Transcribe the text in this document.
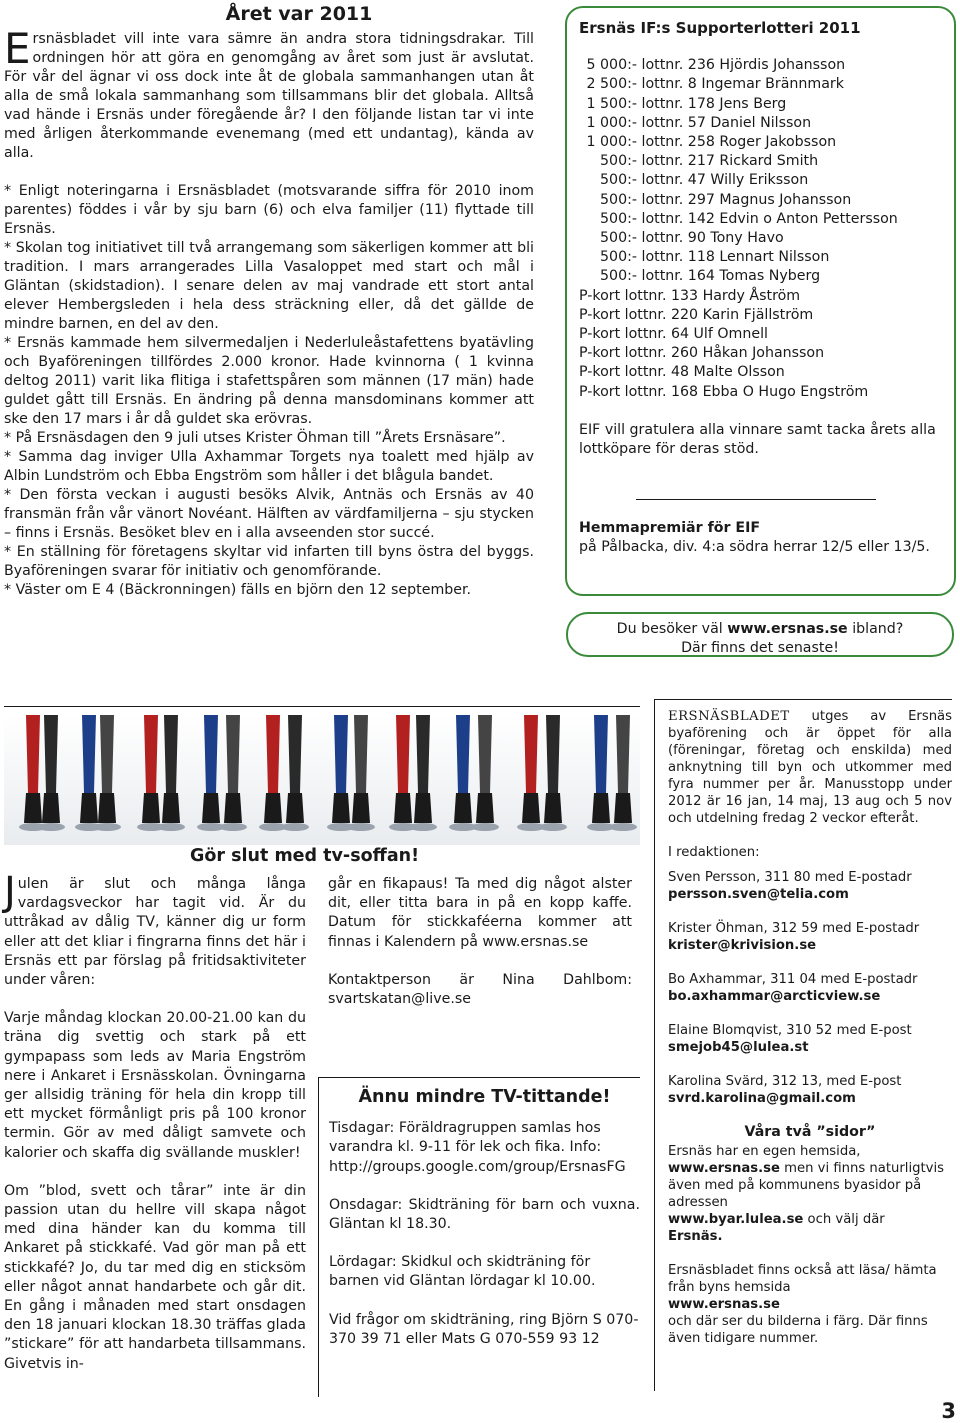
Året var 2011

Ersnäsbladet vill inte vara sämre än andra stora tidningsdrakar. Till ordningen hör att göra en genomgång av året som just är avslutat. För vår del ägnar vi oss dock inte åt de globala sammanhangen utan åt alla de små lokala sammanhang som tillsammans blir det globala. Alltså vad hände i Ersnäs under föregående år? I den följande listan tar vi inte med årligen återkommande evenemang (med ett undantag), kända av alla.

* Enligt noteringarna i Ersnäsbladet (motsvarande siffra för 2010 inom parentes) föddes i vår by sju barn (6) och elva familjer (11) flyttade till Ersnäs.

* Skolan tog initiativet till två arrangemang som säkerligen kommer att bli tradition. I mars arrangerades Lilla Vasaloppet med start och mål i Gläntan (skidstadion). I senare delen av maj vandrade ett stort antal elever Hembergsleden i hela dess sträckning eller, då det gällde de mindre barnen, en del av den.

* Ersnäs kammade hem silvermedaljen i Nederluleåstafettens byatävling och Byaföreningen tillfördes 2.000 kronor. Hade kvinnorna ( 1 kvinna deltog 2011) varit lika flitiga i stafettspåren som männen (17 män) hade guldet gått till Ersnäs. En ändring på denna mansdominans kommer att ske den 17 mars i år då guldet ska erövras.

* På Ersnäsdagen den 9 juli utses Krister Öhman till ”Årets Ersnäsare”.

* Samma dag inviger Ulla Axhammar Torgets nya toalett med hjälp av Albin Lundström och Ebba Engström som håller i det blågula bandet.

* Den första veckan i augusti besöks Alvik, Antnäs och Ersnäs av 40 fransmän från vår vänort Novéant. Hälften av värdfamiljerna – sju stycken – finns i Ersnäs. Besöket blev en i alla avseenden stor succé.

* En ställning för företagens skyltar vid infarten till byns östra del byggs. Byaföreningen svarar för initiativ och genomförande.

* Väster om E 4 (Bäckronningen) fälls en björn den 12 september.

Ersnäs IF:s Supporterlotteri 2011
5 000:- lottnr. 236 Hjördis Johansson
2 500:- lottnr. 8 Ingemar Brännmark
1 500:- lottnr. 178 Jens Berg
1 000:- lottnr. 57 Daniel Nilsson
1 000:- lottnr. 258 Roger Jakobsson
500:- lottnr. 217 Rickard Smith
500:- lottnr. 47 Willy Eriksson
500:- lottnr. 297 Magnus Johansson
500:- lottnr. 142 Edvin o Anton Pettersson
500:- lottnr. 90 Tony Havo
500:- lottnr. 118 Lennart Nilsson
500:- lottnr. 164 Tomas Nyberg
P-kort lottnr. 133 Hardy Åström
P-kort lottnr. 220 Karin Fjällström
P-kort lottnr. 64 Ulf Omnell
P-kort lottnr. 260 Håkan Johansson
P-kort lottnr. 48 Malte Olsson
P-kort lottnr. 168 Ebba O Hugo Engström

EIF vill gratulera alla vinnare samt tacka årets alla lottköpare för deras stöd.

Hemmapremiär för EIF

på Pålbacka, div. 4:a södra herrar 12/5 eller 13/5.

Du besöker väl www.ersnas.se ibland?
Där finns det senaste!
Gör slut med tv-soffan!

Julen är slut och många långa vardagsveckor har tagit vid. Är du uttråkad av dålig TV, känner dig ur form eller att det kliar i fingrarna finns det här i Ersnäs ett par förslag på fritidsaktiviteter under våren:

Varje måndag klockan 20.00-21.00 kan du träna dig svettig och stark på ett gympapass som leds av Maria Engström nere i Ankaret i Ersnässkolan. Övningarna ger allsidig träning för hela din kropp till ett mycket förmånligt pris på 100 kronor termin. Gör av med dåligt samvete och kalorier och skaffa dig svällande muskler!

Om ”blod, svett och tårar” inte är din passion utan du hellre vill skapa något med dina händer kan du komma till Ankaret på stickkafé. Vad gör man på ett stickkafé? Jo, du tar med dig en sticksöm eller något annat handarbete och går dit. En gång i månaden med start onsdagen den 18 januari klockan 18.30 träffas glada ”stickare” för att handarbeta tillsammans. Givetvis in-

går en fikapaus! Ta med dig något alster dit, eller titta bara in på en kopp kaffe. Datum för stickkaféerna kommer att finnas i Kalendern på www.ersnas.se

Kontaktperson är Nina Dahlbom: svartskatan@live.se

Ännu mindre TV-tittande!

Tisdagar: Föräldragruppen samlas hos varandra kl. 9-11 för lek och fika. Info: http://groups.google.com/group/ErsnasFG

Onsdagar: Skidträning för barn och vuxna. Gläntan kl 18.30.

Lördagar: Skidkul och skidträning för barnen vid Gläntan lördagar kl 10.00.

Vid frågor om skidträning, ring Björn S 070-370 39 71 eller Mats G 070-559 93 12

ERSNÄSBLADET utges av Ersnäs byaförening och är öppet för alla (föreningar, företag och enskilda) med anknytning till byn och utkommer med fyra nummer per år. Manusstopp under 2012 är 16 jan, 14 maj, 13 aug och 5 nov och utdelning fredag 2 veckor efteråt.

I redaktionen:

Sven Persson, 311 80 med E-postadr
persson.sven@telia.com
Krister Öhman, 312 59 med E-postadr
krister@krivision.se
Bo Axhammar, 311 04 med E-postadr
bo.axhammar@arcticview.se
Elaine Blomqvist, 310 52 med E-post
smejob45@lulea.st
Karolina Svärd, 312 13, med E-post
svrd.karolina@gmail.com
Våra två ”sidor”

Ersnäs har en egen hemsida,
www.ersnas.se men vi finns naturligtvis även med på kommunens byasidor på adressen
www.byar.lulea.se och välj där
Ersnäs.

Ersnäsbladet finns också att läsa/ hämta från byns hemsida
www.ersnas.se
och där ser du bilderna i färg. Där finns även tidigare nummer.

3
